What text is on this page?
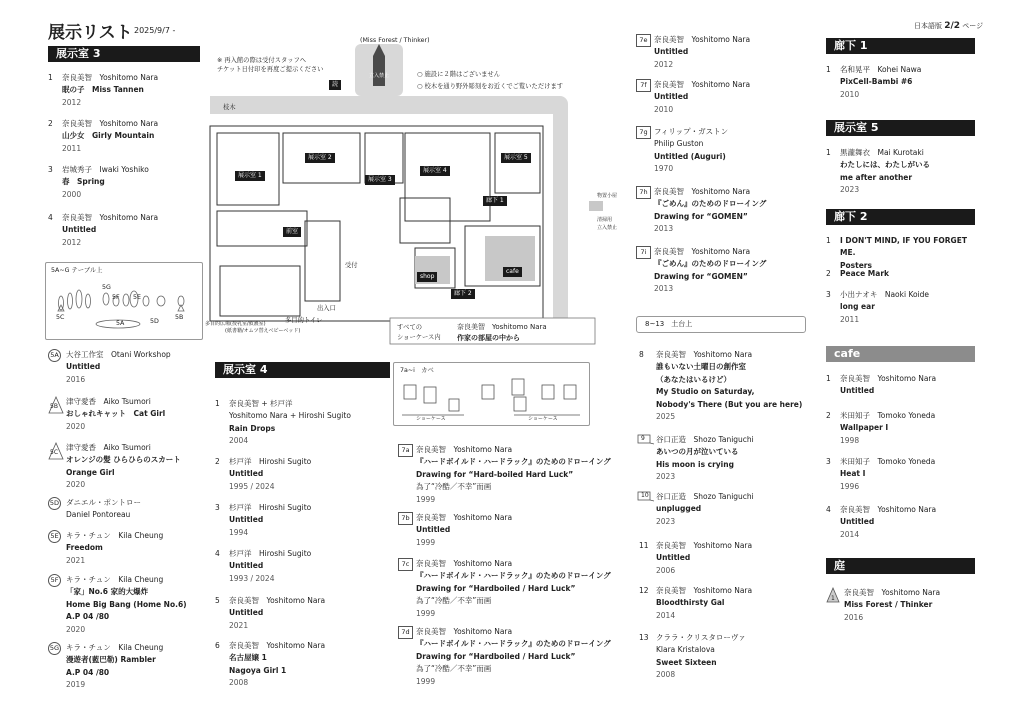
展示リスト 2025/9/7 -	日本語版 2/2 ページ
展示室 3
1	奈良美智　Yoshitomo Nara
眠の子　Miss Tannen
2012
2	奈良美智　Yoshitomo Nara
山少女　Girly Mountain
2011
3	岩城秀子　Iwaki Yoshiko
春　Spring
2000
4	奈良美智　Yoshitomo Nara
Untitled
2012
5A~G テーブル上
5G
5F 5E
5C
5A	5D
5B
5A 大谷工作室　Otani Workshop
Untitled
2016
5B
津守愛香　Aiko Tsumori
おしゃれキャット　Cat Girl
2020
5C
津守愛香　Aiko Tsumori
オレンジの髪 ひらひらのスカート
Orange Girl
2020
5D ダニエル・ポントロー
Daniel Pontoreau
5E キラ・チュン　Kila Cheung
Freedom
2021
5F	キラ・チュン　Kila Cheung
「家」No.6 家的大爆炸
Home Big Bang (Home No.6)
A.P 04 /80
2020
5G キラ・チュン　Kila Cheung
漫遊者(藍巴勒) Rambler
A.P 04 /80
2019
(Miss Forest / Thinker)
立入禁止
※ 再入館の際は受付スタッフへ
チケット日付印を再度ご提示ください
読
○ 施設に２階はございません
○ 校木を通り野外彫刻をお近くでご覧いただけます
枝木
展示室 1
展示室 2
展示室 3
展示室 4
展示室 5
廊下 1
廊下 2
前室
shop
cafe
出入口
受付
多目的トイレ
多目的広場(授乳室/救護室)
(紙書籍/オムツ替えベビーベッド)
物置小屋
清掃用
立入禁止
すべての
ショーケース内
奈良美智　Yoshitomo Nara
作家の部屋の中から
展示室 4
1	奈良美智 + 杉戸洋
Yoshitomo Nara + Hiroshi Sugito
Rain Drops
2004
2	杉戸洋　Hiroshi Sugito
Untitled
1995 / 2024
3	杉戸洋　Hiroshi Sugito
Untitled
1994
4	杉戸洋　Hiroshi Sugito
Untitled
1993 / 2024
5	奈良美智　Yoshitomo Nara
Untitled
2021
6	奈良美智　Yoshitomo Nara
名古屋嬢 1
Nagoya Girl 1
2008
7a~i　カベ
ショーケース	ショーケース
7a 奈良美智　Yoshitomo Nara
『ハードボイルド・ハードラック』のためのドローイング
Drawing for “Hard-boiled Hard Luck”
為了“冷酷／不幸”而画
1999
7b 奈良美智　Yoshitomo Nara
Untitled
1999
7c 奈良美智　Yoshitomo Nara
『ハードボイルド・ハードラック』のためのドローイング
Drawing for “Hardboiled / Hard Luck”
為了“冷酷／不幸”而画
1999
7d 奈良美智　Yoshitomo Nara
『ハードボイルド・ハードラック』のためのドローイング
Drawing for “Hardboiled / Hard Luck”
為了“冷酷／不幸”而画
1999
7e 奈良美智　Yoshitomo Nara
Untitled
2012
7f 奈良美智　Yoshitomo Nara
Untitled
2010
7g フィリップ・ガストン
Philip Guston
Untitled (Auguri)
1970
7h 奈良美智　Yoshitomo Nara
『ごめん』のためのドローイング
Drawing for “GOMEN”
2013
7i	奈良美智　Yoshitomo Nara
『ごめん』のためのドローイング
Drawing for “GOMEN”
2013
8~13　土台上
8	奈良美智　Yoshitomo Nara
誰もいない土曜日の創作室
（あなたはいるけど）
My Studio on Saturday,
Nobody's There (But you are here)
2025
9 谷口正造　Shozo Taniguchi
あいつの月が泣いている
His moon is crying
2023
10 谷口正造　Shozo Taniguchi
unplugged
2023
11 奈良美智　Yoshitomo Nara
Untitled
2006
12 奈良美智　Yoshitomo Nara
Bloodthirsty Gal
2014
13 クララ・クリスタローヴァ
Klara Kristalova
Sweet Sixteen
2008
廊下 1
展示室 5
廊下 2
cafe
庭
1	名和晃平　Kohei Nawa
PixCell-Bambi #6
2010
1	黒瀧舞衣　Mai Kurotaki
わたしには、わたしがいる
me after another
2023
1	I DON'T MIND, IF YOU FORGET ME.
Posters
2	Peace Mark
3	小出ナオキ　Naoki Koide
long ear
2011
1	奈良美智　Yoshitomo Nara
Untitled
2	米田知子　Tomoko Yoneda
Wallpaper I
1998
3	米田知子　Tomoko Yoneda
Heat I
1996
4	奈良美智　Yoshitomo Nara
Untitled
2014
1
奈良美智　Yoshitomo Nara
Miss Forest / Thinker
2016
